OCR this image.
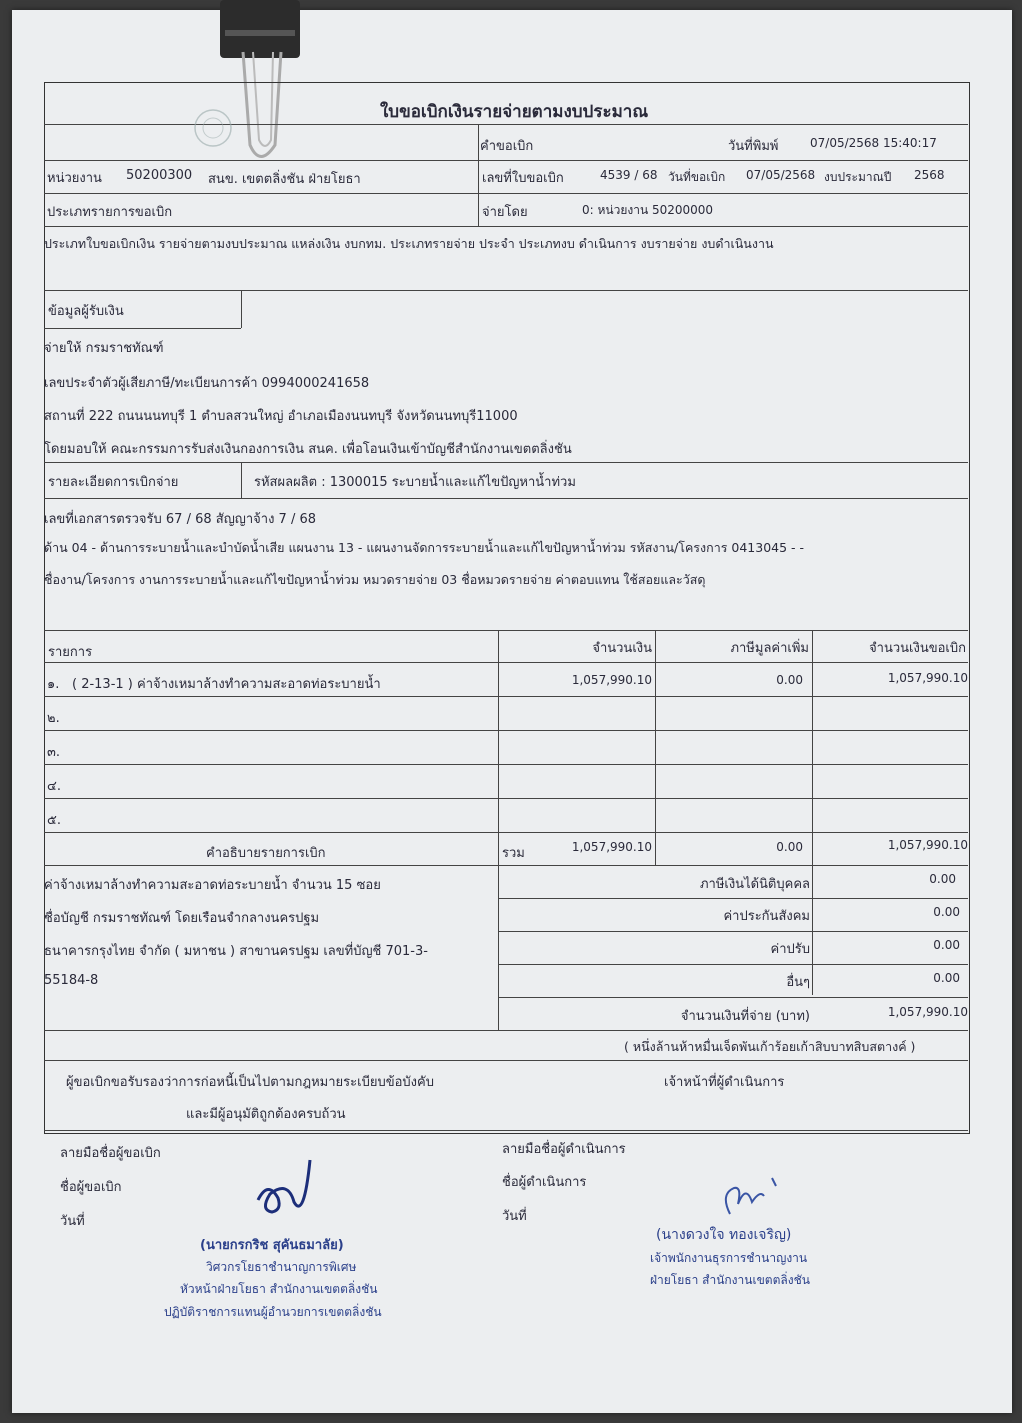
ใบขอเบิกเงินรายจ่ายตามงบประมาณ
คำขอเบิก	วันที่พิมพ์	07/05/2568 15:40:17
หน่วยงาน 50200300 สนข. เขตตลิ่งชัน ฝ่ายโยธา	เลขที่ใบขอเบิก	4539 / 68 วันที่ขอเบิก 07/05/2568 งบประมาณปี 2568
ประเภทรายการขอเบิก	จ่ายโดย	0: หน่วยงาน 50200000
ประเภทใบขอเบิกเงิน รายจ่ายตามงบประมาณ แหล่งเงิน งบกทม. ประเภทรายจ่าย ประจำ ประเภทงบ ดำเนินการ งบรายจ่าย งบดำเนินงาน
ข้อมูลผู้รับเงิน
จ่ายให้ กรมราชทัณฑ์
เลขประจำตัวผู้เสียภาษี/ทะเบียนการค้า 0994000241658
สถานที่ 222 ถนนนนทบุรี 1 ตำบลสวนใหญ่ อำเภอเมืองนนทบุรี จังหวัดนนทบุรี11000
โดยมอบให้ คณะกรรมการรับส่งเงินกองการเงิน สนค. เพื่อโอนเงินเข้าบัญชีสำนักงานเขตตลิ่งชัน
รายละเอียดการเบิกจ่าย	รหัสผลผลิต : 1300015 ระบายน้ำและแก้ไขปัญหาน้ำท่วม
เลขที่เอกสารตรวจรับ 67 / 68 สัญญาจ้าง 7 / 68
ด้าน 04 - ด้านการระบายน้ำและบำบัดน้ำเสีย แผนงาน 13 - แผนงานจัดการระบายน้ำและแก้ไขปัญหาน้ำท่วม รหัสงาน/โครงการ 0413045 - -
ชื่องาน/โครงการ งานการระบายน้ำและแก้ไขปัญหาน้ำท่วม หมวดรายจ่าย 03 ชื่อหมวดรายจ่าย ค่าตอบแทน ใช้สอยและวัสดุ
รายการ	จำนวนเงิน	ภาษีมูลค่าเพิ่ม	จำนวนเงินขอเบิก
๑. ( 2-13-1 ) ค่าจ้างเหมาล้างทำความสะอาดท่อระบายน้ำ	1,057,990.10	0.00	1,057,990.10
๒.
๓.
๔.
๕.
คำอธิบายรายการเบิก	รวม	1,057,990.10	0.00	1,057,990.10
ค่าจ้างเหมาล้างทำความสะอาดท่อระบายน้ำ จำนวน 15 ซอย
ชื่อบัญชี กรมราชทัณฑ์ โดยเรือนจำกลางนครปฐม
ธนาคารกรุงไทย จำกัด ( มหาชน ) สาขานครปฐม เลขที่บัญชี 701-3-
55184-8
ภาษีเงินได้นิติบุคคล	0.00
ค่าประกันสังคม	0.00
ค่าปรับ	0.00
อื่นๆ	0.00
จำนวนเงินที่จ่าย (บาท)	1,057,990.10
( หนึ่งล้านห้าหมื่นเจ็ดพันเก้าร้อยเก้าสิบบาทสิบสตางค์ )
ผู้ขอเบิกขอรับรองว่าการก่อหนี้เป็นไปตามกฎหมายระเบียบข้อบังคับ
และมีผู้อนุมัติถูกต้องครบถ้วน
เจ้าหน้าที่ผู้ดำเนินการ
ลายมือชื่อผู้ขอเบิก
ชื่อผู้ขอเบิก
วันที่
(นายกรกริช สุคันธมาลัย)
วิศวกรโยธาชำนาญการพิเศษ
หัวหน้าฝ่ายโยธา สำนักงานเขตตลิ่งชัน
ปฏิบัติราชการแทนผู้อำนวยการเขตตลิ่งชัน
ลายมือชื่อผู้ดำเนินการ
ชื่อผู้ดำเนินการ
วันที่
(นางดวงใจ ทองเจริญ)
เจ้าพนักงานธุรการชำนาญงาน
ฝ่ายโยธา สำนักงานเขตตลิ่งชัน
